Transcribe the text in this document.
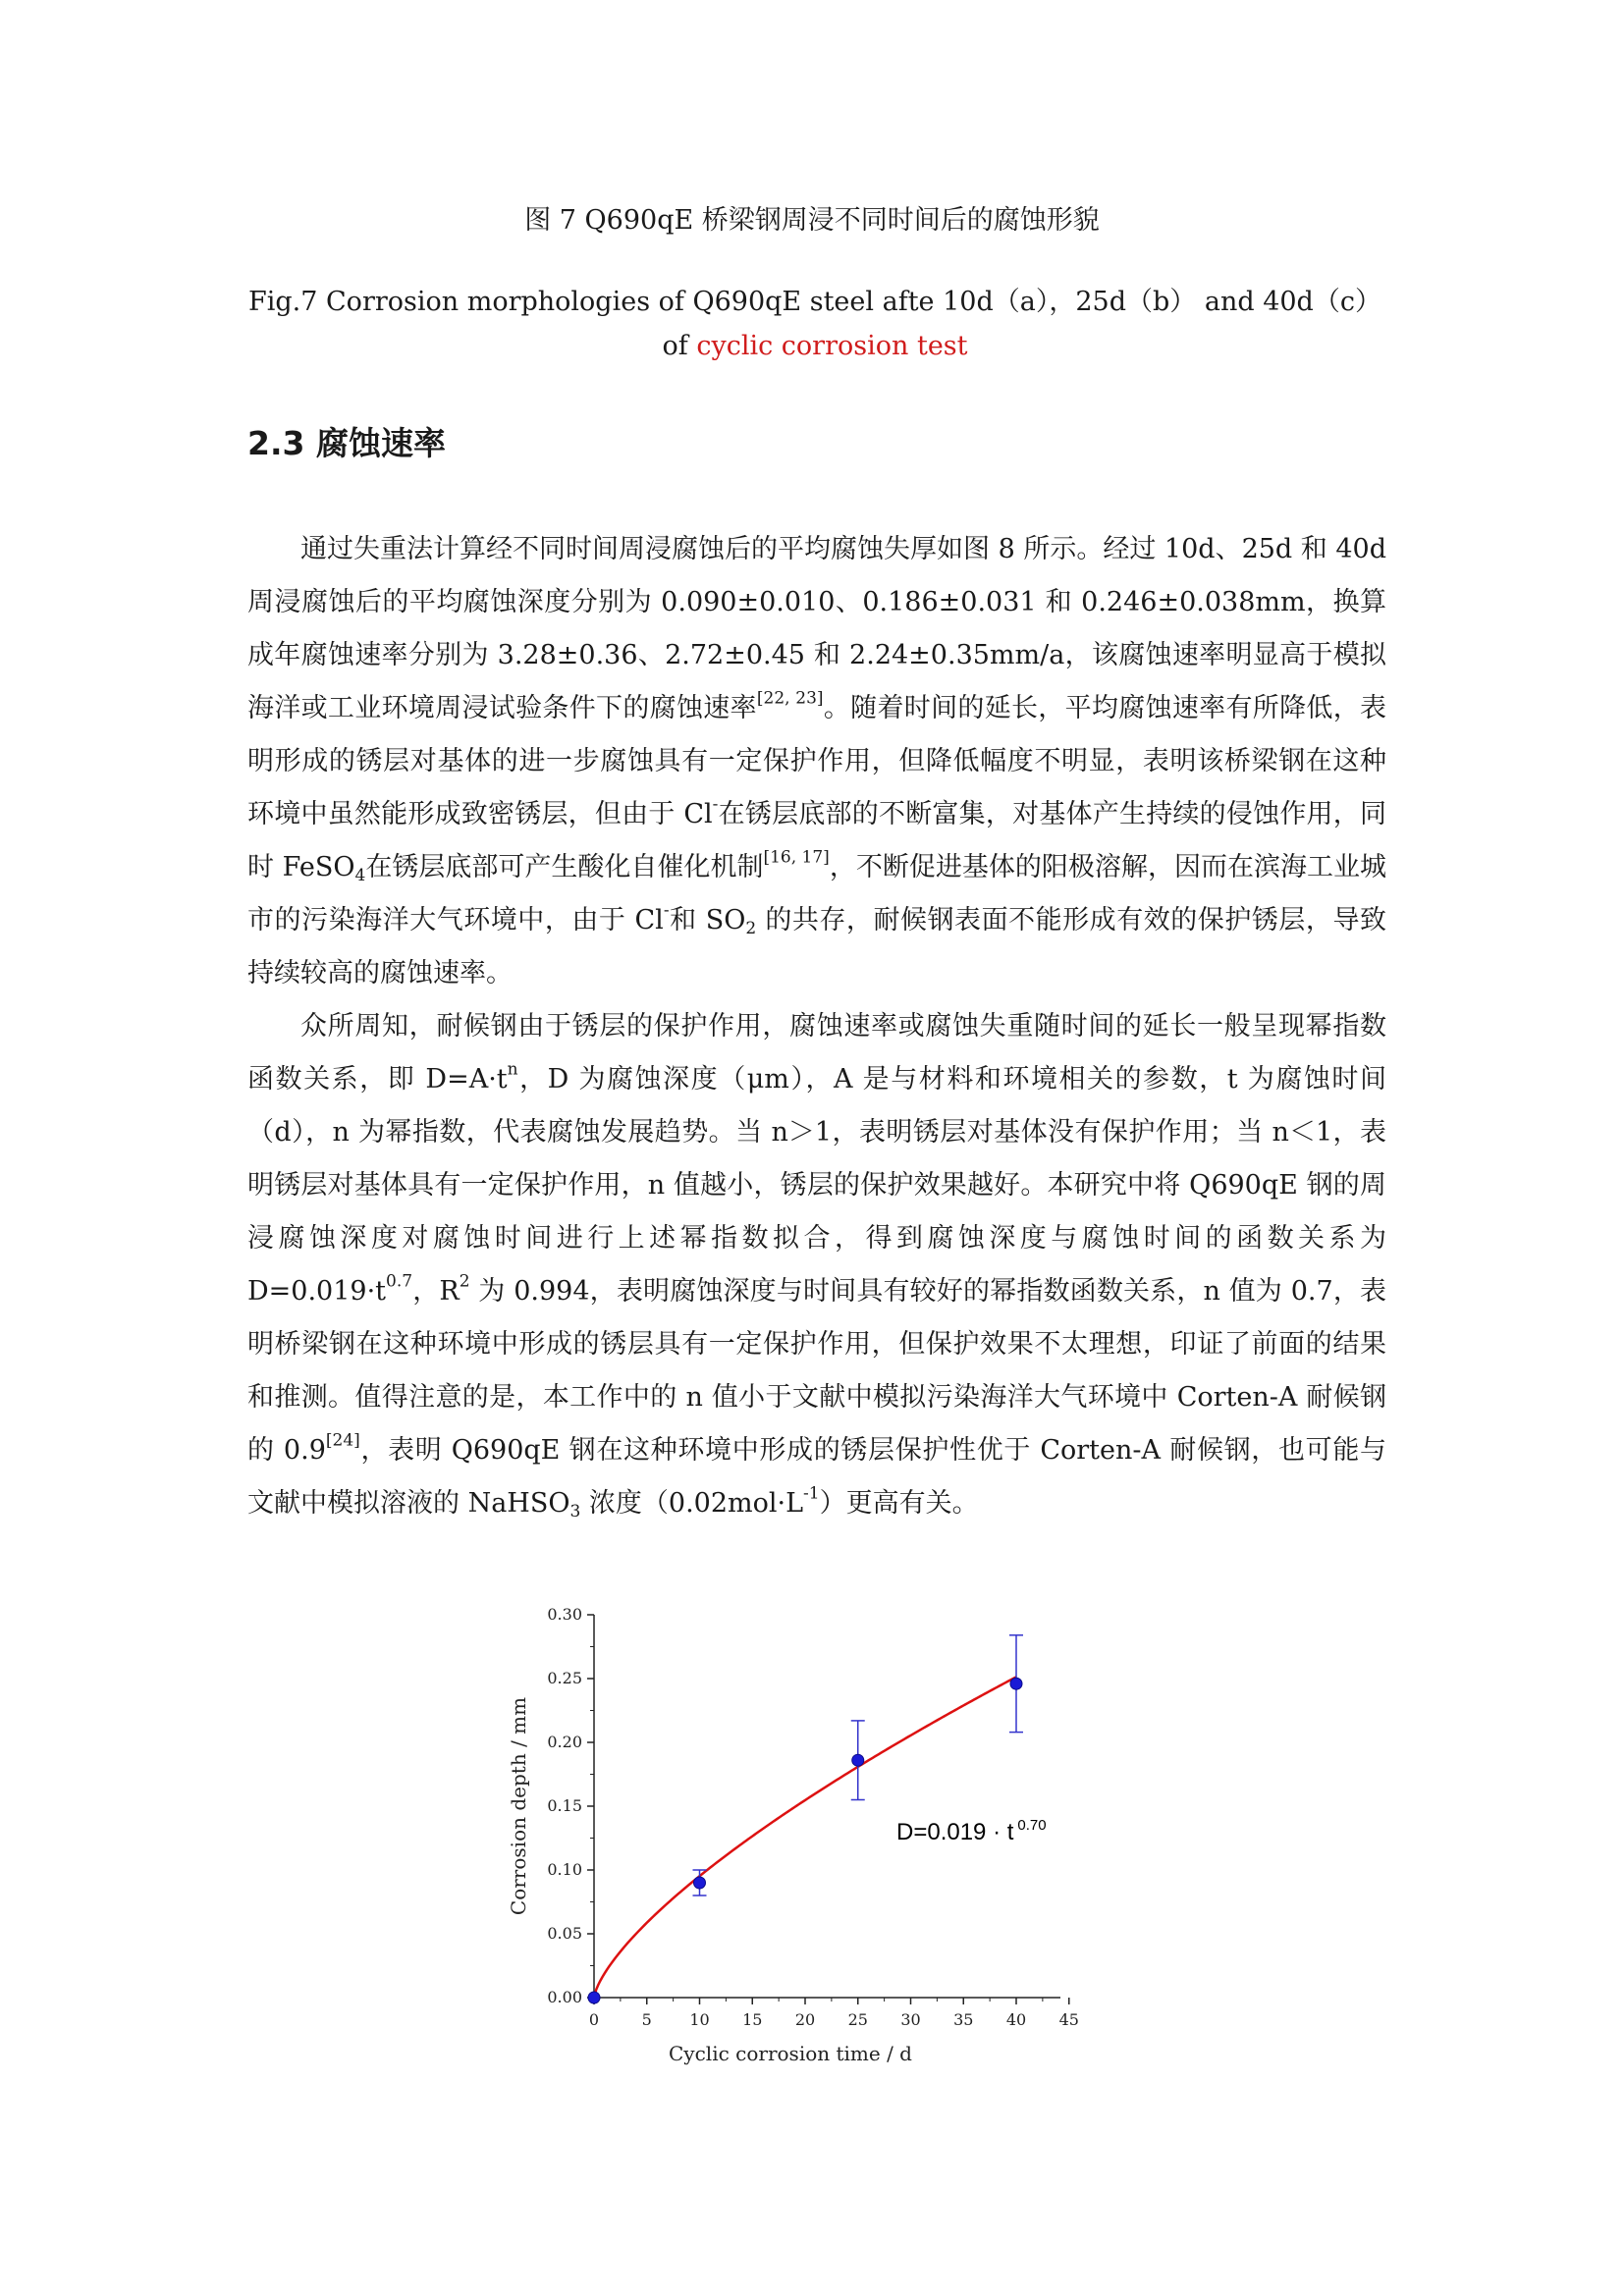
图 7 Q690qE 桥梁钢周浸不同时间后的腐蚀形貌
Fig.7 Corrosion morphologies of Q690qE steel afte 10d（a），25d（b） and 40d（c）of cyclic corrosion test
2.3 腐蚀速率

通过失重法计算经不同时间周浸腐蚀后的平均腐蚀失厚如图 8 所示。经过 10d、25d 和 40d 周浸腐蚀后的平均腐蚀深度分别为 0.090±0.010、0.186±0.031 和 0.246±0.038mm，换算成年腐蚀速率分别为 3.28±0.36、2.72±0.45 和 2.24±0.35mm/a，该腐蚀速率明显高于模拟海洋或工业环境周浸试验条件下的腐蚀速率[22, 23]。随着时间的延长，平均腐蚀速率有所降低，表明形成的锈层对基体的进一步腐蚀具有一定保护作用，但降低幅度不明显，表明该桥梁钢在这种环境中虽然能形成致密锈层，但由于 Cl-在锈层底部的不断富集，对基体产生持续的侵蚀作用，同时 FeSO$_4$在锈层底部可产生酸化自催化机制[16, 17]，不断促进基体的阳极溶解，因而在滨海工业城市的污染海洋大气环境中，由于 Cl-和 $SO_2$ 的共存，耐候钢表面不能形成有效的保护锈层，导致持续较高的腐蚀速率。

众所周知，耐候钢由于锈层的保护作用，腐蚀速率或腐蚀失重随时间的延长一般呈现幂指数函数关系，即 $D=A\cdot t^n$，D 为腐蚀深度（μm），A 是与材料和环境相关的参数，t 为腐蚀时间（d），n 为幂指数，代表腐蚀发展趋势。当 n＞1，表明锈层对基体没有保护作用；当 n＜1，表明锈层对基体具有一定保护作用，n 值越小，锈层的保护效果越好。本研究中将 Q690qE 钢的周浸腐蚀深度对腐蚀时间进行上述幂指数拟合，得到腐蚀深度与腐蚀时间的函数关系为 $D=0.019\cdot t^{0.7}$，$R^2$ 为 0.994，表明腐蚀深度与时间具有较好的幂指数函数关系，n 值为 0.7，表明桥梁钢在这种环境中形成的锈层具有一定保护作用，但保护效果不太理想，印证了前面的结果和推测。值得注意的是，本工作中的 n 值小于文献中模拟污染海洋大气环境中 Corten-A 耐候钢的 0.9[24]，表明 Q690qE 钢在这种环境中形成的锈层保护性优于 Corten-A 耐候钢，也可能与文献中模拟溶液的 NaHSO$_3$ 浓度$(0.02mol\cdot L^{-1})$更高有关。

0	5 10 15 20 25 30 35 40 45
0.00
0.05
0.10
0.15
0.20
0.25
0.30
Cyclic corrosion time / d
Corrosion depth / mm	D=0.019 · t $^{0.70}$
